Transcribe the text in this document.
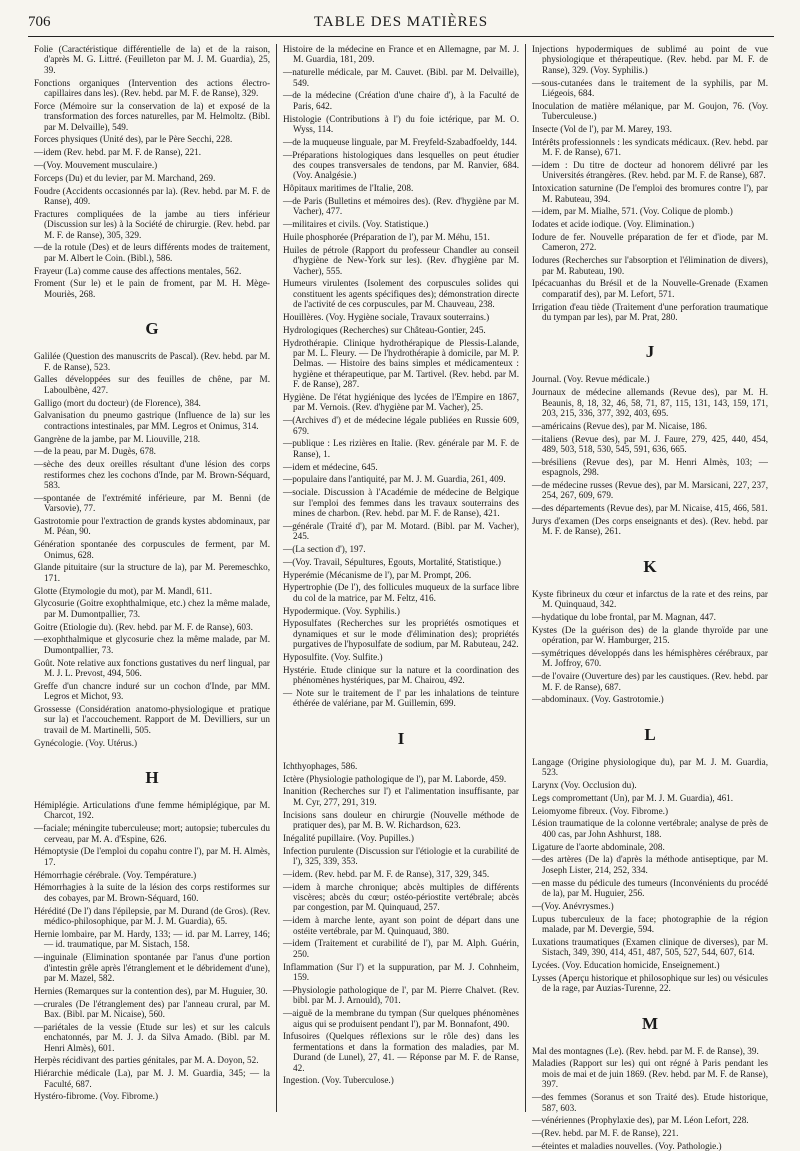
706	TABLE DES MATIÈRES

Folie (Caractéristique différentielle de la) et de la raison, d'après M. G. Littré. (Feuilleton par M. J. M. Guardia), 25, 39.

Fonctions organiques (Intervention des actions électro-capillaires dans les). (Rev. hebd. par M. F. de Ranse), 329.

Force (Mémoire sur la conservation de la) et exposé de la transformation des forces naturelles, par M. Helmoltz. (Bibl. par M. Delvaille), 549.

Forces physiques (Unité des), par le Père Secchi, 228.

—idem (Rev. hebd. par M. F. de Ranse), 221.

—(Voy. Mouvement musculaire.)

Forceps (Du) et du levier, par M. Marchand, 269.

Foudre (Accidents occasionnés par la). (Rev. hebd. par M. F. de Ranse), 409.

Fractures compliquées de la jambe au tiers inférieur (Discussion sur les) à la Société de chirurgie. (Rev. hebd. par M. F. de Ranse), 305, 329.

—de la rotule (Des) et de leurs différents modes de traitement, par M. Albert le Coin. (Bibl.), 586.

Frayeur (La) comme cause des affections mentales, 562.

Froment (Sur le) et le pain de froment, par M. H. Mège-Mouriès, 268.

G

Galilée (Question des manuscrits de Pascal). (Rev. hebd. par M. F. de Ranse), 523.

Galles développées sur des feuilles de chêne, par M. Laboulbène, 427.

Galligo (mort du docteur) (de Florence), 384.

Galvanisation du pneumo gastrique (Influence de la) sur les contractions intestinales, par MM. Legros et Onimus, 314.

Gangrène de la jambe, par M. Liouville, 218.

—de la peau, par M. Dugès, 678.

—sèche des deux oreilles résultant d'une lésion des corps restiformes chez les cochons d'Inde, par M. Brown-Séquard, 583.

—spontanée de l'extrémité inférieure, par M. Benni (de Varsovie), 77.

Gastrotomie pour l'extraction de grands kystes abdominaux, par M. Péan, 90.

Génération spontanée des corpuscules de ferment, par M. Onimus, 628.

Glande pituitaire (sur la structure de la), par M. Peremeschko, 171.

Glotte (Etymologie du mot), par M. Mandl, 611.

Glycosurie (Goitre exophthalmique, etc.) chez la même malade, par M. Dumontpallier, 73.

Goitre (Etiologie du). (Rev. hebd. par M. F. de Ranse), 603.

—exophthalmique et glycosurie chez la même malade, par M. Dumontpallier, 73.

Goût. Note relative aux fonctions gustatives du nerf lingual, par M. J. L. Prevost, 494, 506.

Greffe d'un chancre induré sur un cochon d'Inde, par MM. Legros et Michot, 93.

Grossesse (Considération anatomo-physiologique et pratique sur la) et l'accouchement. Rapport de M. Devilliers, sur un travail de M. Martinelli, 505.

Gynécologie. (Voy. Utérus.)

H

Hémiplégie. Articulations d'une femme hémiplégique, par M. Charcot, 192.

—faciale; méningite tuberculeuse; mort; autopsie; tubercules du cerveau, par M. A. d'Espine, 626.

Hémoptysie (De l'emploi du copahu contre l'), par M. H. Almès, 17.

Hémorrhagie cérébrale. (Voy. Température.)

Hémorrhagies à la suite de la lésion des corps restiformes sur des cobayes, par M. Brown-Séquard, 160.

Hérédité (De l') dans l'épilepsie, par M. Durand (de Gros). (Rev. médico-philosophique, par M. J. M. Guardia), 65.

Hernie lombaire, par M. Hardy, 133; — id. par M. Larrey, 146; — id. traumatique, par M. Sistach, 158.

—inguinale (Elimination spontanée par l'anus d'une portion d'intestin grêle après l'étranglement et le débridement d'une), par M. Mazel, 582.

Hernies (Remarques sur la contention des), par M. Huguier, 30.

—crurales (De l'étranglement des) par l'anneau crural, par M. Bax. (Bibl. par M. Nicaise), 560.

—pariétales de la vessie (Etude sur les) et sur les calculs enchatonnés, par M. J. J. da Silva Amado. (Bibl. par M. Henri Almès), 601.

Herpès récidivant des parties génitales, par M. A. Doyon, 52.

Hiérarchie médicale (La), par M. J. M. Guardia, 345; — la Faculté, 687.

Hystéro-fibrome. (Voy. Fibrome.)

Histoire de la médecine en France et en Allemagne, par M. J. M. Guardia, 181, 209.

—naturelle médicale, par M. Cauvet. (Bibl. par M. Delvaille), 549.

—de la médecine (Création d'une chaire d'), à la Faculté de Paris, 642.

Histologie (Contributions à l') du foie ictérique, par M. O. Wyss, 114.

—de la muqueuse linguale, par M. Freyfeld-Szabadfoeldy, 144.

—Préparations histologiques dans lesquelles on peut étudier des coupes transversales de tendons, par M. Ranvier, 684. (Voy. Analgésie.)

Hôpitaux maritimes de l'Italie, 208.

—de Paris (Bulletins et mémoires des). (Rev. d'hygiène par M. Vacher), 477.

—militaires et civils. (Voy. Statistique.)

Huile phosphorée (Préparation de l'), par M. Méhu, 151.

Huiles de pétrole (Rapport du professeur Chandler au conseil d'hygiène de New-York sur les). (Rev. d'hygiène par M. Vacher), 555.

Humeurs virulentes (Isolement des corpuscules solides qui constituent les agents spécifiques des); démonstration directe de l'activité de ces corpuscules, par M. Chauveau, 238.

Houillères. (Voy. Hygiène sociale, Travaux souterrains.)

Hydrologiques (Recherches) sur Château-Gontier, 245.

Hydrothérapie. Clinique hydrothérapique de Plessis-Lalande, par M. L. Fleury. — De l'hydrothérapie à domicile, par M. P. Delmas. — Histoire des bains simples et médicamenteux : hygiène et thérapeutique, par M. Tartivel. (Rev. hebd. par M. F. de Ranse), 287.

Hygiène. De l'état hygiénique des lycées de l'Empire en 1867, par M. Vernois. (Rev. d'hygiène par M. Vacher), 25.

—(Archives d') et de médecine légale publiées en Russie 609, 679.

—publique : Les rizières en Italie. (Rev. générale par M. F. de Ranse), 1.

—idem et médecine, 645.

—populaire dans l'antiquité, par M. J. M. Guardia, 261, 409.

—sociale. Discussion à l'Académie de médecine de Belgique sur l'emploi des femmes dans les travaux souterrains des mines de charbon. (Rev. hebd. par M. F. de Ranse), 421.

—générale (Traité d'), par M. Motard. (Bibl. par M. Vacher), 245.

—(La section d'), 197.

—(Voy. Travail, Sépultures, Egouts, Mortalité, Statistique.)

Hyperémie (Mécanisme de l'), par M. Prompt, 206.

Hypertrophie (De l'), des follicules muqueux de la surface libre du col de la matrice, par M. Feltz, 416.

Hypodermique. (Voy. Syphilis.)

Hyposulfates (Recherches sur les propriétés osmotiques et dynamiques et sur le mode d'élimination des); propriétés purgatives de l'hyposulfate de sodium, par M. Rabuteau, 242.

Hyposulfite. (Voy. Sulfite.)

Hystérie. Etude clinique sur la nature et la coordination des phénomènes hystériques, par M. Chairou, 492.

— Note sur le traitement de l' par les inhalations de teinture éthérée de valériane, par M. Guillemin, 699.

I

Ichthyophages, 586.

Ictère (Physiologie pathologique de l'), par M. Laborde, 459.

Inanition (Recherches sur l') et l'alimentation insuffisante, par M. Cyr, 277, 291, 319.

Incisions sans douleur en chirurgie (Nouvelle méthode de pratiquer des), par M. B. W. Richardson, 623.

Inégalité pupillaire. (Voy. Pupilles.)

Infection purulente (Discussion sur l'étiologie et la curabilité de l'), 325, 339, 353.

—idem. (Rev. hebd. par M. F. de Ranse), 317, 329, 345.

—idem à marche chronique; abcès multiples de différents viscères; abcès du cœur; ostéo-périostite vertébrale; abcès par congestion, par M. Quinquaud, 257.

—idem à marche lente, ayant son point de départ dans une ostéite vertébrale, par M. Quinquaud, 380.

—idem (Traitement et curabilité de l'), par M. Alph. Guérin, 250.

Inflammation (Sur l') et la suppuration, par M. J. Cohnheim, 159.

—Physiologie pathologique de l', par M. Pierre Chalvet. (Rev. bibl. par M. J. Arnould), 701.

—aiguë de la membrane du tympan (Sur quelques phénomènes aigus qui se produisent pendant l'), par M. Bonnafont, 490.

Infusoires (Quelques réflexions sur le rôle des) dans les fermentations et dans la formation des maladies, par M. Durand (de Lunel), 27, 41. — Réponse par M. F. de Ranse, 42.

Ingestion. (Voy. Tuberculose.)

Injections hypodermiques de sublimé au point de vue physiologique et thérapeutique. (Rev. hebd. par M. F. de Ranse), 329. (Voy. Syphilis.)

—sous-cutanées dans le traitement de la syphilis, par M. Liégeois, 684.

Inoculation de matière mélanique, par M. Goujon, 76. (Voy. Tuberculeuse.)

Insecte (Vol de l'), par M. Marey, 193.

Intérêts professionnels : les syndicats médicaux. (Rev. hebd. par M. F. de Ranse), 671.

—idem : Du titre de docteur ad honorem délivré par les Universités étrangères. (Rev. hebd. par M. F. de Ranse), 687.

Intoxication saturnine (De l'emploi des bromures contre l'), par M. Rabuteau, 394.

—idem, par M. Mialhe, 571. (Voy. Colique de plomb.)

Iodates et acide iodique. (Voy. Elimination.)

Iodure de fer. Nouvelle préparation de fer et d'iode, par M. Cameron, 272.

Iodures (Recherches sur l'absorption et l'élimination de divers), par M. Rabuteau, 190.

Ipécacuanhas du Brésil et de la Nouvelle-Grenade (Examen comparatif des), par M. Lefort, 571.

Irrigation d'eau tiède (Traitement d'une perforation traumatique du tympan par les), par M. Prat, 280.

J

Journal. (Voy. Revue médicale.)

Journaux de médecine allemands (Revue des), par M. H. Beaunis, 8, 18, 32, 46, 58, 71, 87, 115, 131, 143, 159, 171, 203, 215, 336, 377, 392, 403, 695.

—américains (Revue des), par M. Nicaise, 186.

—italiens (Revue des), par M. J. Faure, 279, 425, 440, 454, 489, 503, 518, 530, 545, 591, 636, 665.

—brésiliens (Revue des), par M. Henri Almès, 103; — espagnols, 298.

—de médecine russes (Revue des), par M. Marsicani, 227, 237, 254, 267, 609, 679.

—des départements (Revue des), par M. Nicaise, 415, 466, 581.

Jurys d'examen (Des corps enseignants et des). (Rev. hebd. par M. F. de Ranse), 261.

K

Kyste fibrineux du cœur et infarctus de la rate et des reins, par M. Quinquaud, 342.

—hydatique du lobe frontal, par M. Magnan, 447.

Kystes (De la guérison des) de la glande thyroïde par une opération, par W. Hamburger, 215.

—symétriques développés dans les hémisphères cérébraux, par M. Joffroy, 670.

—de l'ovaire (Ouverture des) par les caustiques. (Rev. hebd. par M. F. de Ranse), 687.

—abdominaux. (Voy. Gastrotomie.)

L

Langage (Origine physiologique du), par M. J. M. Guardia, 523.

Larynx (Voy. Occlusion du).

Legs compromettant (Un), par M. J. M. Guardia), 461.

Leiomyome fibreux. (Voy. Fibrome.)

Lésion traumatique de la colonne vertébrale; analyse de près de 400 cas, par John Ashhurst, 188.

Ligature de l'aorte abdominale, 208.

—des artères (De la) d'après la méthode antiseptique, par M. Joseph Lister, 214, 252, 334.

—en masse du pédicule des tumeurs (Inconvénients du procédé de la), par M. Huguier, 256.

—(Voy. Anévrysmes.)

Lupus tuberculeux de la face; photographie de la région malade, par M. Devergie, 594.

Luxations traumatiques (Examen clinique de diverses), par M. Sistach, 349, 390, 414, 451, 487, 505, 527, 544, 607, 614.

Lycées. (Voy. Education homicide, Enseignement.)

Lysses (Aperçu historique et philosophique sur les) ou vésicules de la rage, par Auzias-Turenne, 22.

M

Mal des montagnes (Le). (Rev. hebd. par M. F. de Ranse), 39.

Maladies (Rapport sur les) qui ont régné à Paris pendant les mois de mai et de juin 1869. (Rev. hebd. par M. F. de Ranse), 397.

—des femmes (Soranus et son Traité des). Etude historique, 587, 603.

—vénériennes (Prophylaxie des), par M. Léon Lefort, 228.

—(Rev. hebd. par M. F. de Ranse), 221.

—éteintes et maladies nouvelles. (Voy. Pathologie.)
